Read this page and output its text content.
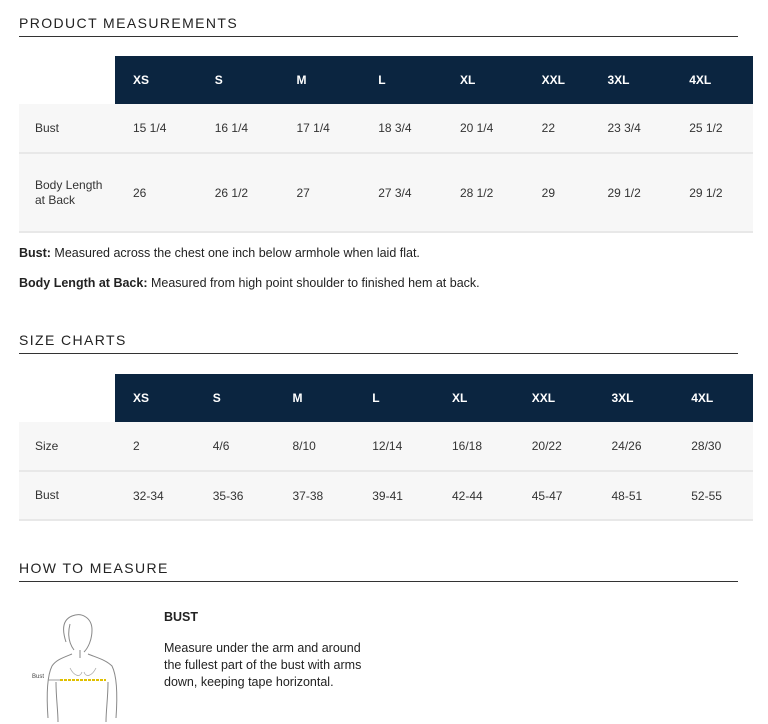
PRODUCT MEASUREMENTS
	XS	S	M	L	XL	XXL	3XL	4XL
Bust	15 1/4	16 1/4	17 1/4	18 3/4	20 1/4	22	23 3/4	25 1/2
Body Length at Back	26	26 1/2	27	27 3/4	28 1/2	29	29 1/2	29 1/2
Bust: Measured across the chest one inch below armhole when laid flat.
Body Length at Back: Measured from high point shoulder to finished hem at back.
SIZE CHARTS
	XS	S	M	L	XL	XXL	3XL	4XL
Size	2	4/6	8/10	12/14	16/18	20/22	24/26	28/30
Bust	32-34	35-36	37-38	39-41	42-44	45-47	48-51	52-55
HOW TO MEASURE
Bust
BUST
Measure under the arm and around the fullest part of the bust with arms down, keeping tape horizontal.
